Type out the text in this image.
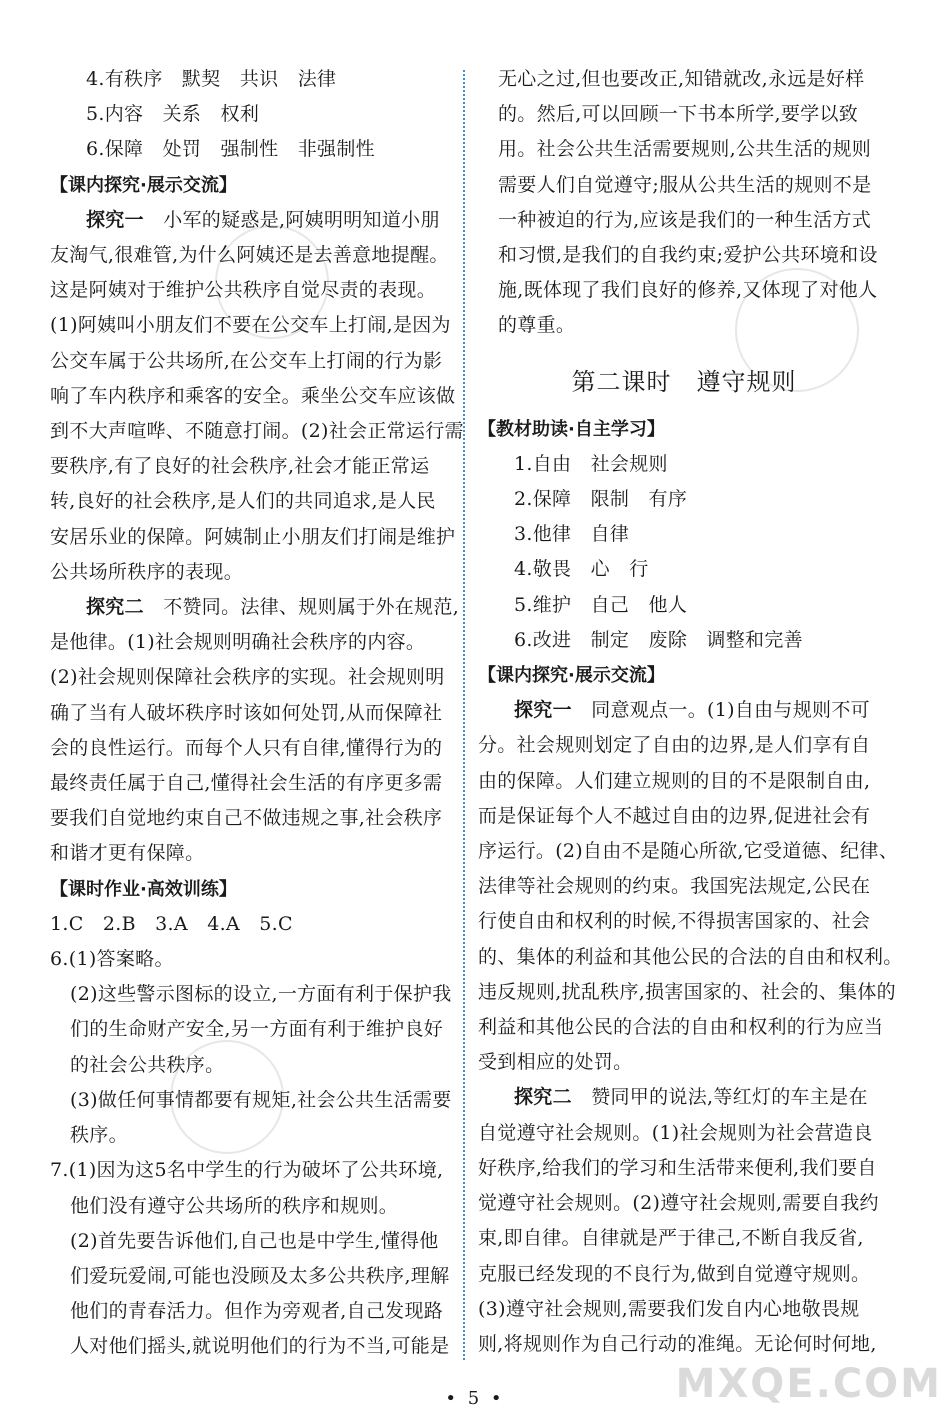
4.有秩序　默契　共识　法律
5.内容　关系　权利
6.保障　处罚　强制性　非强制性
【课内探究·展示交流】
探究一　小军的疑惑是,阿姨明明知道小朋
友淘气,很难管,为什么阿姨还是去善意地提醒。
这是阿姨对于维护公共秩序自觉尽责的表现。
(1)阿姨叫小朋友们不要在公交车上打闹,是因为
公交车属于公共场所,在公交车上打闹的行为影
响了车内秩序和乘客的安全。乘坐公交车应该做
到不大声喧哗、不随意打闹。(2)社会正常运行需
要秩序,有了良好的社会秩序,社会才能正常运
转,良好的社会秩序,是人们的共同追求,是人民
安居乐业的保障。阿姨制止小朋友们打闹是维护
公共场所秩序的表现。
探究二　不赞同。法律、规则属于外在规范,
是他律。(1)社会规则明确社会秩序的内容。
(2)社会规则保障社会秩序的实现。社会规则明
确了当有人破坏秩序时该如何处罚,从而保障社
会的良性运行。而每个人只有自律,懂得行为的
最终责任属于自己,懂得社会生活的有序更多需
要我们自觉地约束自己不做违规之事,社会秩序
和谐才更有保障。
【课时作业·高效训练】
1.C　2.B　3.A　4.A　5.C
6.(1)答案略。
(2)这些警示图标的设立,一方面有利于保护我
们的生命财产安全,另一方面有利于维护良好
的社会公共秩序。
(3)做任何事情都要有规矩,社会公共生活需要
秩序。
7.(1)因为这5名中学生的行为破坏了公共环境,
他们没有遵守公共场所的秩序和规则。
(2)首先要告诉他们,自己也是中学生,懂得他
们爱玩爱闹,可能也没顾及太多公共秩序,理解
他们的青春活力。但作为旁观者,自己发现路
人对他们摇头,就说明他们的行为不当,可能是
无心之过,但也要改正,知错就改,永远是好样
的。然后,可以回顾一下书本所学,要学以致
用。社会公共生活需要规则,公共生活的规则
需要人们自觉遵守;服从公共生活的规则不是
一种被迫的行为,应该是我们的一种生活方式
和习惯,是我们的自我约束;爱护公共环境和设
施,既体现了我们良好的修养,又体现了对他人
的尊重。
第二课时　遵守规则
【教材助读·自主学习】
1.自由　社会规则
2.保障　限制　有序
3.他律　自律
4.敬畏　心　行
5.维护　自己　他人
6.改进　制定　废除　调整和完善
【课内探究·展示交流】
探究一　同意观点一。(1)自由与规则不可
分。社会规则划定了自由的边界,是人们享有自
由的保障。人们建立规则的目的不是限制自由,
而是保证每个人不越过自由的边界,促进社会有
序运行。(2)自由不是随心所欲,它受道德、纪律、
法律等社会规则的约束。我国宪法规定,公民在
行使自由和权利的时候,不得损害国家的、社会
的、集体的利益和其他公民的合法的自由和权利。
违反规则,扰乱秩序,损害国家的、社会的、集体的
利益和其他公民的合法的自由和权利的行为应当
受到相应的处罚。
探究二　赞同甲的说法,等红灯的车主是在
自觉遵守社会规则。(1)社会规则为社会营造良
好秩序,给我们的学习和生活带来便利,我们要自
觉遵守社会规则。(2)遵守社会规则,需要自我约
束,即自律。自律就是严于律己,不断自我反省,
克服已经发现的不良行为,做到自觉遵守规则。
(3)遵守社会规则,需要我们发自内心地敬畏规
则,将规则作为自己行动的准绳。无论何时何地,
• 5 •	MXQE.COM
